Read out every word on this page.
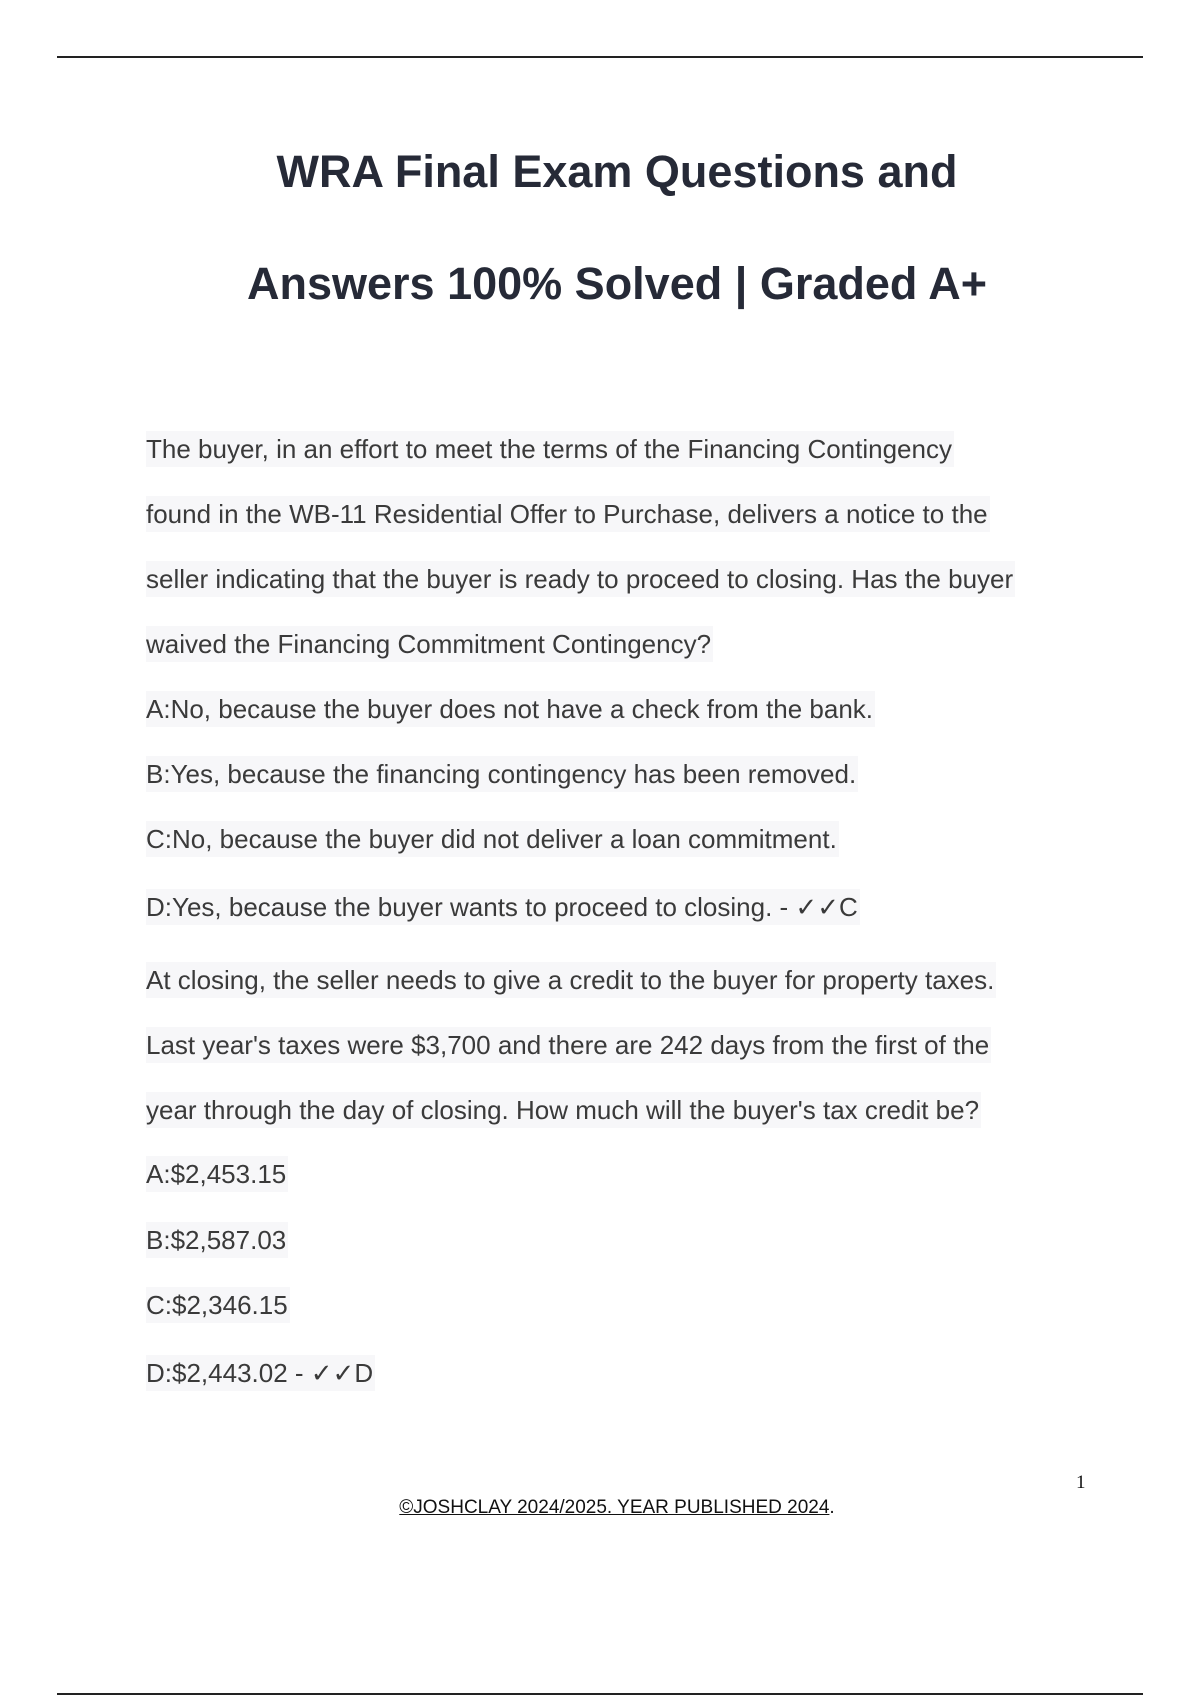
WRA Final Exam Questions and
Answers 100% Solved | Graded A+
The buyer, in an effort to meet the terms of the Financing Contingency
found in the WB-11 Residential Offer to Purchase, delivers a notice to the
seller indicating that the buyer is ready to proceed to closing. Has the buyer
waived the Financing Commitment Contingency?
A:No, because the buyer does not have a check from the bank.
B:Yes, because the financing contingency has been removed.
C:No, because the buyer did not deliver a loan commitment.
D:Yes, because the buyer wants to proceed to closing. - ✓✓C
At closing, the seller needs to give a credit to the buyer for property taxes.
Last year's taxes were $3,700 and there are 242 days from the first of the
year through the day of closing. How much will the buyer's tax credit be?
A:$2,453.15
B:$2,587.03
C:$2,346.15
D:$2,443.02 - ✓✓D
1
©JOSHCLAY 2024/2025. YEAR PUBLISHED 2024.
